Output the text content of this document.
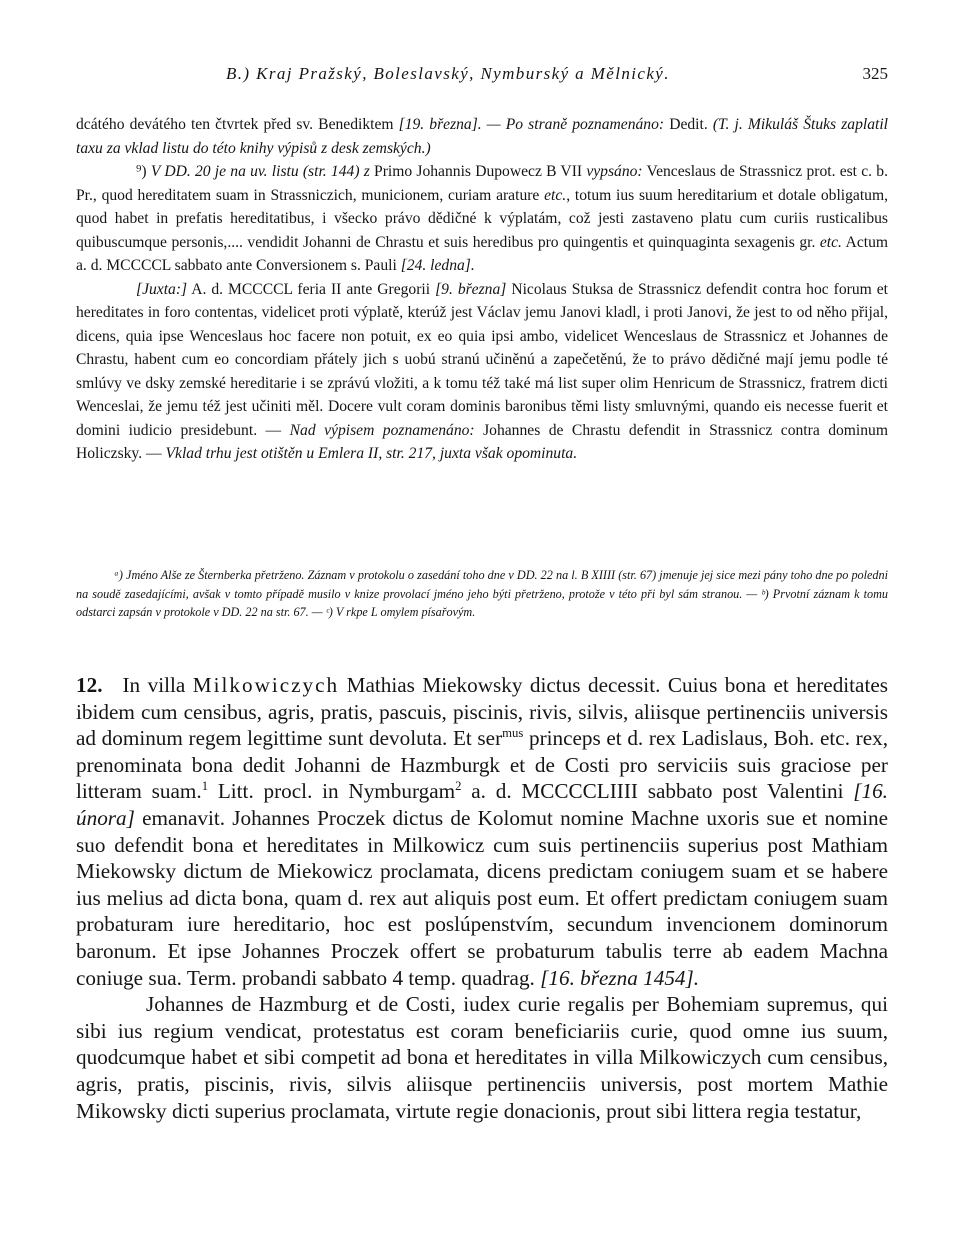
B.) Kraj Pražský, Boleslavský, Nymburský a Mělnický.	325

dcátého devátého ten čtvrtek před sv. Benediktem [19. března]. — Po straně poznamenáno: Dedit. (T. j. Mikuláš Štuks zaplatil taxu za vklad listu do této knihy výpisů z desk zemských.)

⁹) V DD. 20 je na uv. listu (str. 144) z Primo Johannis Dupowecz B VII vypsáno: Venceslaus de Strassnicz prot. est c. b. Pr., quod hereditatem suam in Strassniczich, municionem, curiam arature etc., totum ius suum hereditarium et dotale obligatum, quod habet in prefatis hereditatibus, i všecko právo dědičné k výplatám, což jesti zastaveno platu cum curiis rusticalibus quibuscumque personis,.... vendidit Johanni de Chrastu et suis heredibus pro quingentis et quinquaginta sexagenis gr. etc. Actum a. d. MCCCCL sabbato ante Conversionem s. Pauli [24. ledna].

[Juxta:] A. d. MCCCCL feria II ante Gregorii [9. března] Nicolaus Stuksa de Strassnicz defendit contra hoc forum et hereditates in foro contentas, videlicet proti výplatě, kterúž jest Václav jemu Janovi kladl, i proti Janovi, že jest to od něho přijal, dicens, quia ipse Wenceslaus hoc facere non potuit, ex eo quia ipsi ambo, videlicet Wenceslaus de Strassnicz et Johannes de Chrastu, habent cum eo concordiam přátely jich s uobú stranú učiněnú a zapečetěnú, že to právo dědičné mají jemu podle té smlúvy ve dsky zemské hereditarie i se zprávú vložiti, a k tomu též také má list super olim Henricum de Strassnicz, fratrem dicti Wenceslai, že jemu též jest učiniti měl. Docere vult coram dominis baronibus těmi listy smluvnými, quando eis necesse fuerit et domini iudicio presidebunt. — Nad výpisem poznamenáno: Johannes de Chrastu defendit in Strassnicz contra dominum Holiczsky. — Vklad trhu jest otištěn u Emlera II, str. 217, juxta však opominuta.

ᵃ) Jméno Alše ze Šternberka přetrženo. Záznam v protokolu o zasedání toho dne v DD. 22 na l. B XIIII (str. 67) jmenuje jej sice mezi pány toho dne po poledni na soudě zasedajícími, avšak v tomto případě musilo v knize provolací jméno jeho býti přetrženo, protože v této při byl sám stranou. — ᵇ) Prvotní záznam k tomu odstarci zapsán v protokole v DD. 22 na str. 67. — ᶜ) V rkpe L omylem písařovým.

12. In villa Milkowiczych Mathias Miekowsky dictus decessit. Cuius bona et hereditates ibidem cum censibus, agris, pratis, pascuis, piscinis, rivis, silvis, aliisque pertinenciis universis ad dominum regem legittime sunt devoluta. Et ser$^{mus}$ princeps et d. rex Ladislaus, Boh. etc. rex, prenominata bona dedit Johanni de Hazmburgk et de Costi pro serviciis suis graciose per litteram suam.$^1$ Litt. procl. in Nymburgam$^2$ a. d. MCCCCLIIII sabbato post Valentini [16. února] emanavit. Johannes Proczek dictus de Kolomut nomine Machne uxoris sue et nomine suo defendit bona et hereditates in Milkowicz cum suis pertinenciis superius post Mathiam Miekowsky dictum de Miekowicz proclamata, dicens predictam coniugem suam et se habere ius melius ad dicta bona, quam d. rex aut aliquis post eum. Et offert predictam coniugem suam probaturam iure hereditario, hoc est poslúpenstvím, secundum invencionem dominorum baronum. Et ipse Johannes Proczek offert se probaturum tabulis terre ab eadem Machna coniuge sua. Term. probandi sabbato 4 temp. quadrag. [16. března 1454].

Johannes de Hazmburg et de Costi, iudex curie regalis per Bohemiam supremus, qui sibi ius regium vendicat, protestatus est coram beneficiariis curie, quod omne ius suum, quodcumque habet et sibi competit ad bona et hereditates in villa Milkowiczych cum censibus, agris, pratis, piscinis, rivis, silvis aliisque pertinenciis universis, post mortem Mathie Mikowsky dicti superius proclamata, virtute regie donacionis, prout sibi littera regia testatur,
